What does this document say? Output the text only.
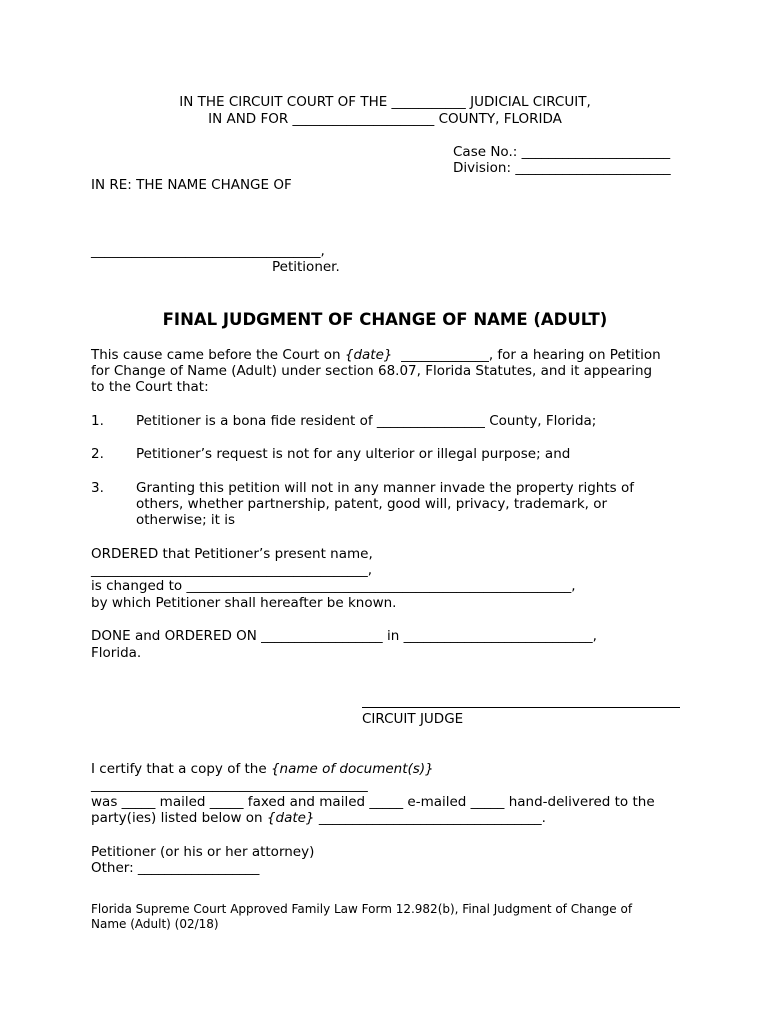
IN THE CIRCUIT COURT OF THE ___________ JUDICIAL CIRCUIT,
IN AND FOR _____________________ COUNTY, FLORIDA
Case No.: ______________________
Division: _______________________
IN RE: THE NAME CHANGE OF
__________________________________,
Petitioner.
FINAL JUDGMENT OF CHANGE OF NAME (ADULT)
This cause came before the Court on {date}  _____________, for a hearing on Petition
for Change of Name (Adult) under section 68.07, Florida Statutes, and it appearing
to the Court that:
1. Petitioner is a bona fide resident of ________________ County, Florida;
2. Petitioner’s request is not for any ulterior or illegal purpose; and
3. Granting this petition will not in any manner invade the property rights of
others, whether partnership, patent, good will, privacy, trademark, or
otherwise; it is
ORDERED that Petitioner’s present name,
_________________________________________,
is changed to _________________________________________________________,
by which Petitioner shall hereafter be known.
DONE and ORDERED ON __________________ in ____________________________,
Florida.
CIRCUIT JUDGE
I certify that a copy of the {name of document(s)}
_________________________________________
was _____ mailed _____ faxed and mailed _____ e-mailed _____ hand-delivered to the
party(ies) listed below on {date} _________________________________.
Petitioner (or his or her attorney)
Other: __________________
Florida Supreme Court Approved Family Law Form 12.982(b), Final Judgment of Change of
Name (Adult) (02/18)
